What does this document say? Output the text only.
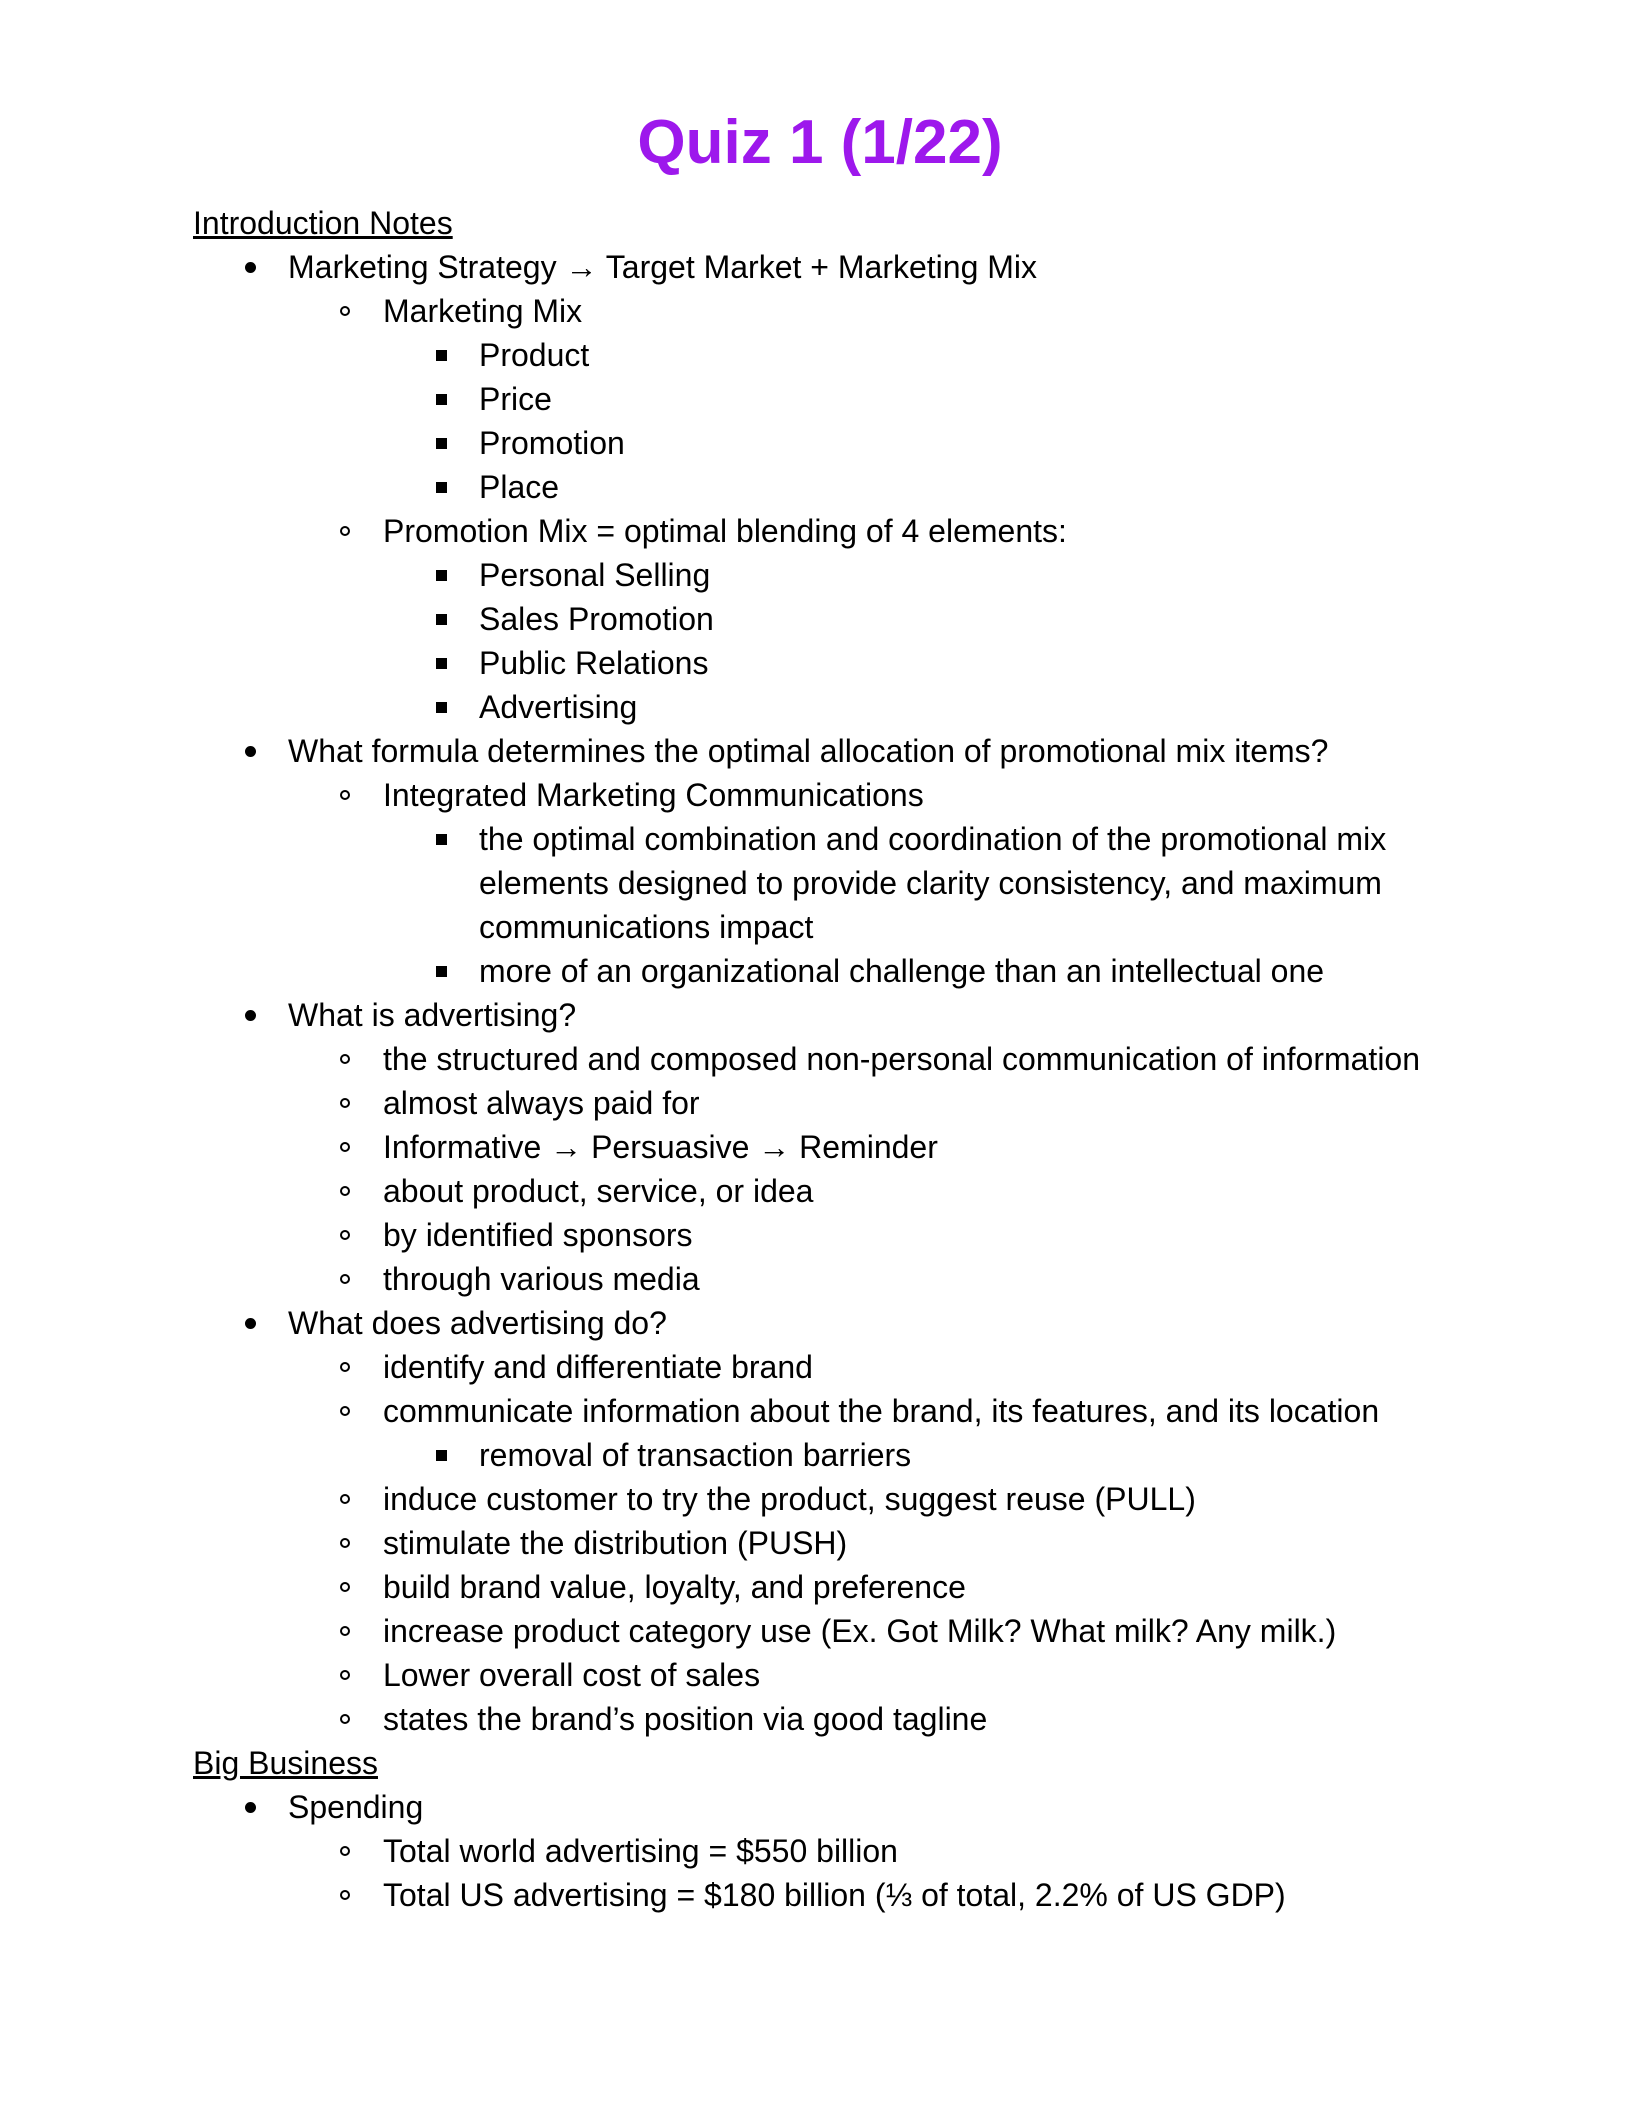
Quiz 1 (1/22)
Introduction Notes
Marketing Strategy → Target Market + Marketing Mix
Marketing Mix
Product
Price
Promotion
Place
Promotion Mix = optimal blending of 4 elements:
Personal Selling
Sales Promotion
Public Relations
Advertising
What formula determines the optimal allocation of promotional mix items?
Integrated Marketing Communications
the optimal combination and coordination of the promotional mix elements designed to provide clarity consistency, and maximum communications impact
more of an organizational challenge than an intellectual one
What is advertising?
the structured and composed non-personal communication of information
almost always paid for
Informative → Persuasive → Reminder
about product, service, or idea
by identified sponsors
through various media
What does advertising do?
identify and differentiate brand
communicate information about the brand, its features, and its location
removal of transaction barriers
induce customer to try the product, suggest reuse (PULL)
stimulate the distribution (PUSH)
build brand value, loyalty, and preference
increase product category use (Ex. Got Milk? What milk? Any milk.)
Lower overall cost of sales
states the brand’s position via good tagline
Big Business
Spending
Total world advertising = $550 billion
Total US advertising = $180 billion (⅓ of total, 2.2% of US GDP)
